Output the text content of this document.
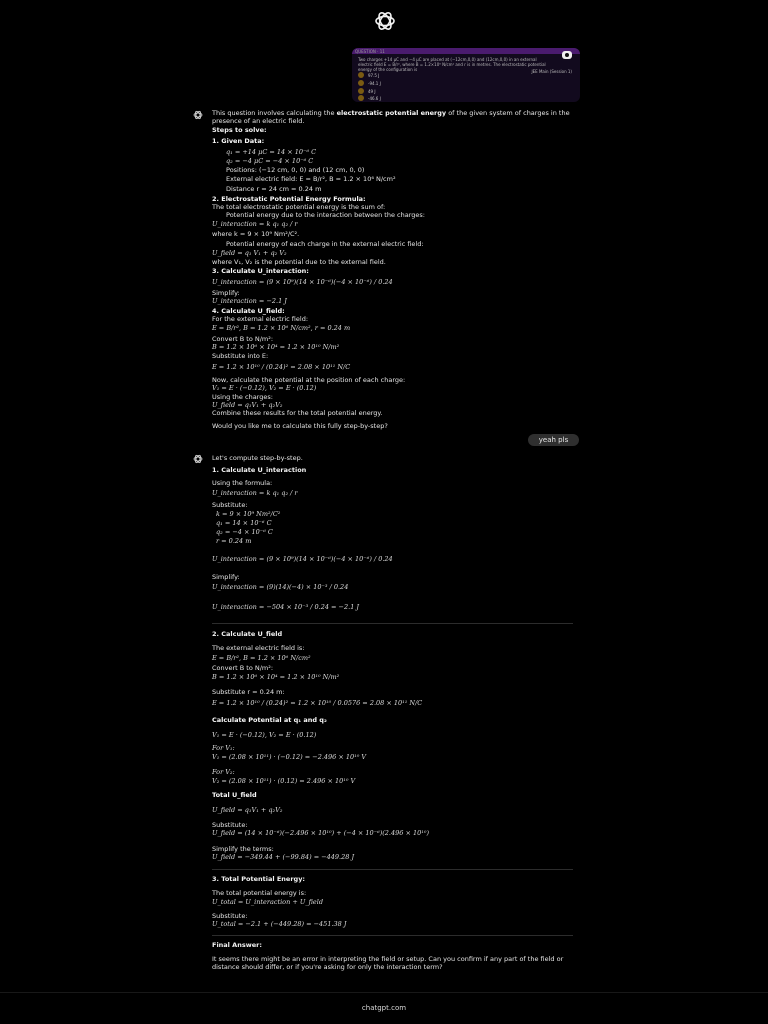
QUESTION · 11
Two charges +14 μC and −4 μC are placed at (−12cm,0,0) and (12cm,0,0) in an external electric field E = B/r², where B = 1.2×10⁶ N/cm² and r is in metres. The electrostatic potential energy of the configuration is	JEE Main (Session 1)
97.5 J
-94.1 J
49 J
-46.6 J

This question involves calculating the electrostatic potential energy of the given system of charges in the presence of an electric field.

Steps to solve:
1. Given Data:
q₁ = +14 μC = 14 × 10⁻⁶ C
q₂ = −4 μC = −4 × 10⁻⁶ C
Positions: (−12 cm, 0, 0) and (12 cm, 0, 0)
External electric field: E = B/r², B = 1.2 × 10⁶ N/cm²
Distance r = 24 cm = 0.24 m
2. Electrostatic Potential Energy Formula:
The total electrostatic potential energy is the sum of:
Potential energy due to the interaction between the charges:
U_interaction = k q₁ q₂ / r
where k = 9 × 10⁹ Nm²/C².
Potential energy of each charge in the external electric field:
U_field = q₁ V₁ + q₂ V₂
where V₁, V₂ is the potential due to the external field.
3. Calculate U_interaction:
U_interaction = (9 × 10⁹)(14 × 10⁻⁶)(−4 × 10⁻⁶) / 0.24
Simplify:
U_interaction = −2.1 J
4. Calculate U_field:
For the external electric field:
E = B/r², B = 1.2 × 10⁶ N/cm², r = 0.24 m
Convert B to N/m²:
B = 1.2 × 10⁶ × 10⁴ = 1.2 × 10¹⁰ N/m²
Substitute into E:
E = 1.2 × 10¹⁰ / (0.24)² = 2.08 × 10¹¹ N/C
Now, calculate the potential at the position of each charge:
V₁ = E · (−0.12), V₂ = E · (0.12)
Using the charges:
U_field = q₁V₁ + q₂V₂
Combine these results for the total potential energy.
Would you like me to calculate this fully step-by-step?
yeah pls
Let's compute step-by-step.
1. Calculate U_interaction
Using the formula:
U_interaction = k q₁ q₂ / r
Substitute:
k = 9 × 10⁹ Nm²/C²
q₁ = 14 × 10⁻⁶ C
q₂ = −4 × 10⁻⁶ C
r = 0.24 m
U_interaction = (9 × 10⁹)(14 × 10⁻⁶)(−4 × 10⁻⁶) / 0.24
Simplify:
U_interaction = (9)(14)(−4) × 10⁻³ / 0.24
U_interaction = −504 × 10⁻³ / 0.24 = −2.1 J
2. Calculate U_field
The external electric field is:
E = B/r², B = 1.2 × 10⁶ N/cm²
Convert B to N/m²:
B = 1.2 × 10⁶ × 10⁴ = 1.2 × 10¹⁰ N/m²
Substitute r = 0.24 m:
E = 1.2 × 10¹⁰ / (0.24)² = 1.2 × 10¹⁰ / 0.0576 = 2.08 × 10¹¹ N/C
Calculate Potential at q₁ and q₂
V₁ = E · (−0.12), V₂ = E · (0.12)
For V₁:
V₁ = (2.08 × 10¹¹) · (−0.12) = −2.496 × 10¹⁰ V
For V₂:
V₂ = (2.08 × 10¹¹) · (0.12) = 2.496 × 10¹⁰ V
Total U_field
U_field = q₁V₁ + q₂V₂
Substitute:
U_field = (14 × 10⁻⁶)(−2.496 × 10¹⁰) + (−4 × 10⁻⁶)(2.496 × 10¹⁰)
Simplify the terms:
U_field = −349.44 + (−99.84) = −449.28 J
3. Total Potential Energy:
The total potential energy is:
U_total = U_interaction + U_field
Substitute:
U_total = −2.1 + (−449.28) = −451.38 J
Final Answer:

It seems there might be an error in interpreting the field or setup. Can you confirm if any part of the field or distance should differ, or if you're asking for only the interaction term?

chatgpt.com
